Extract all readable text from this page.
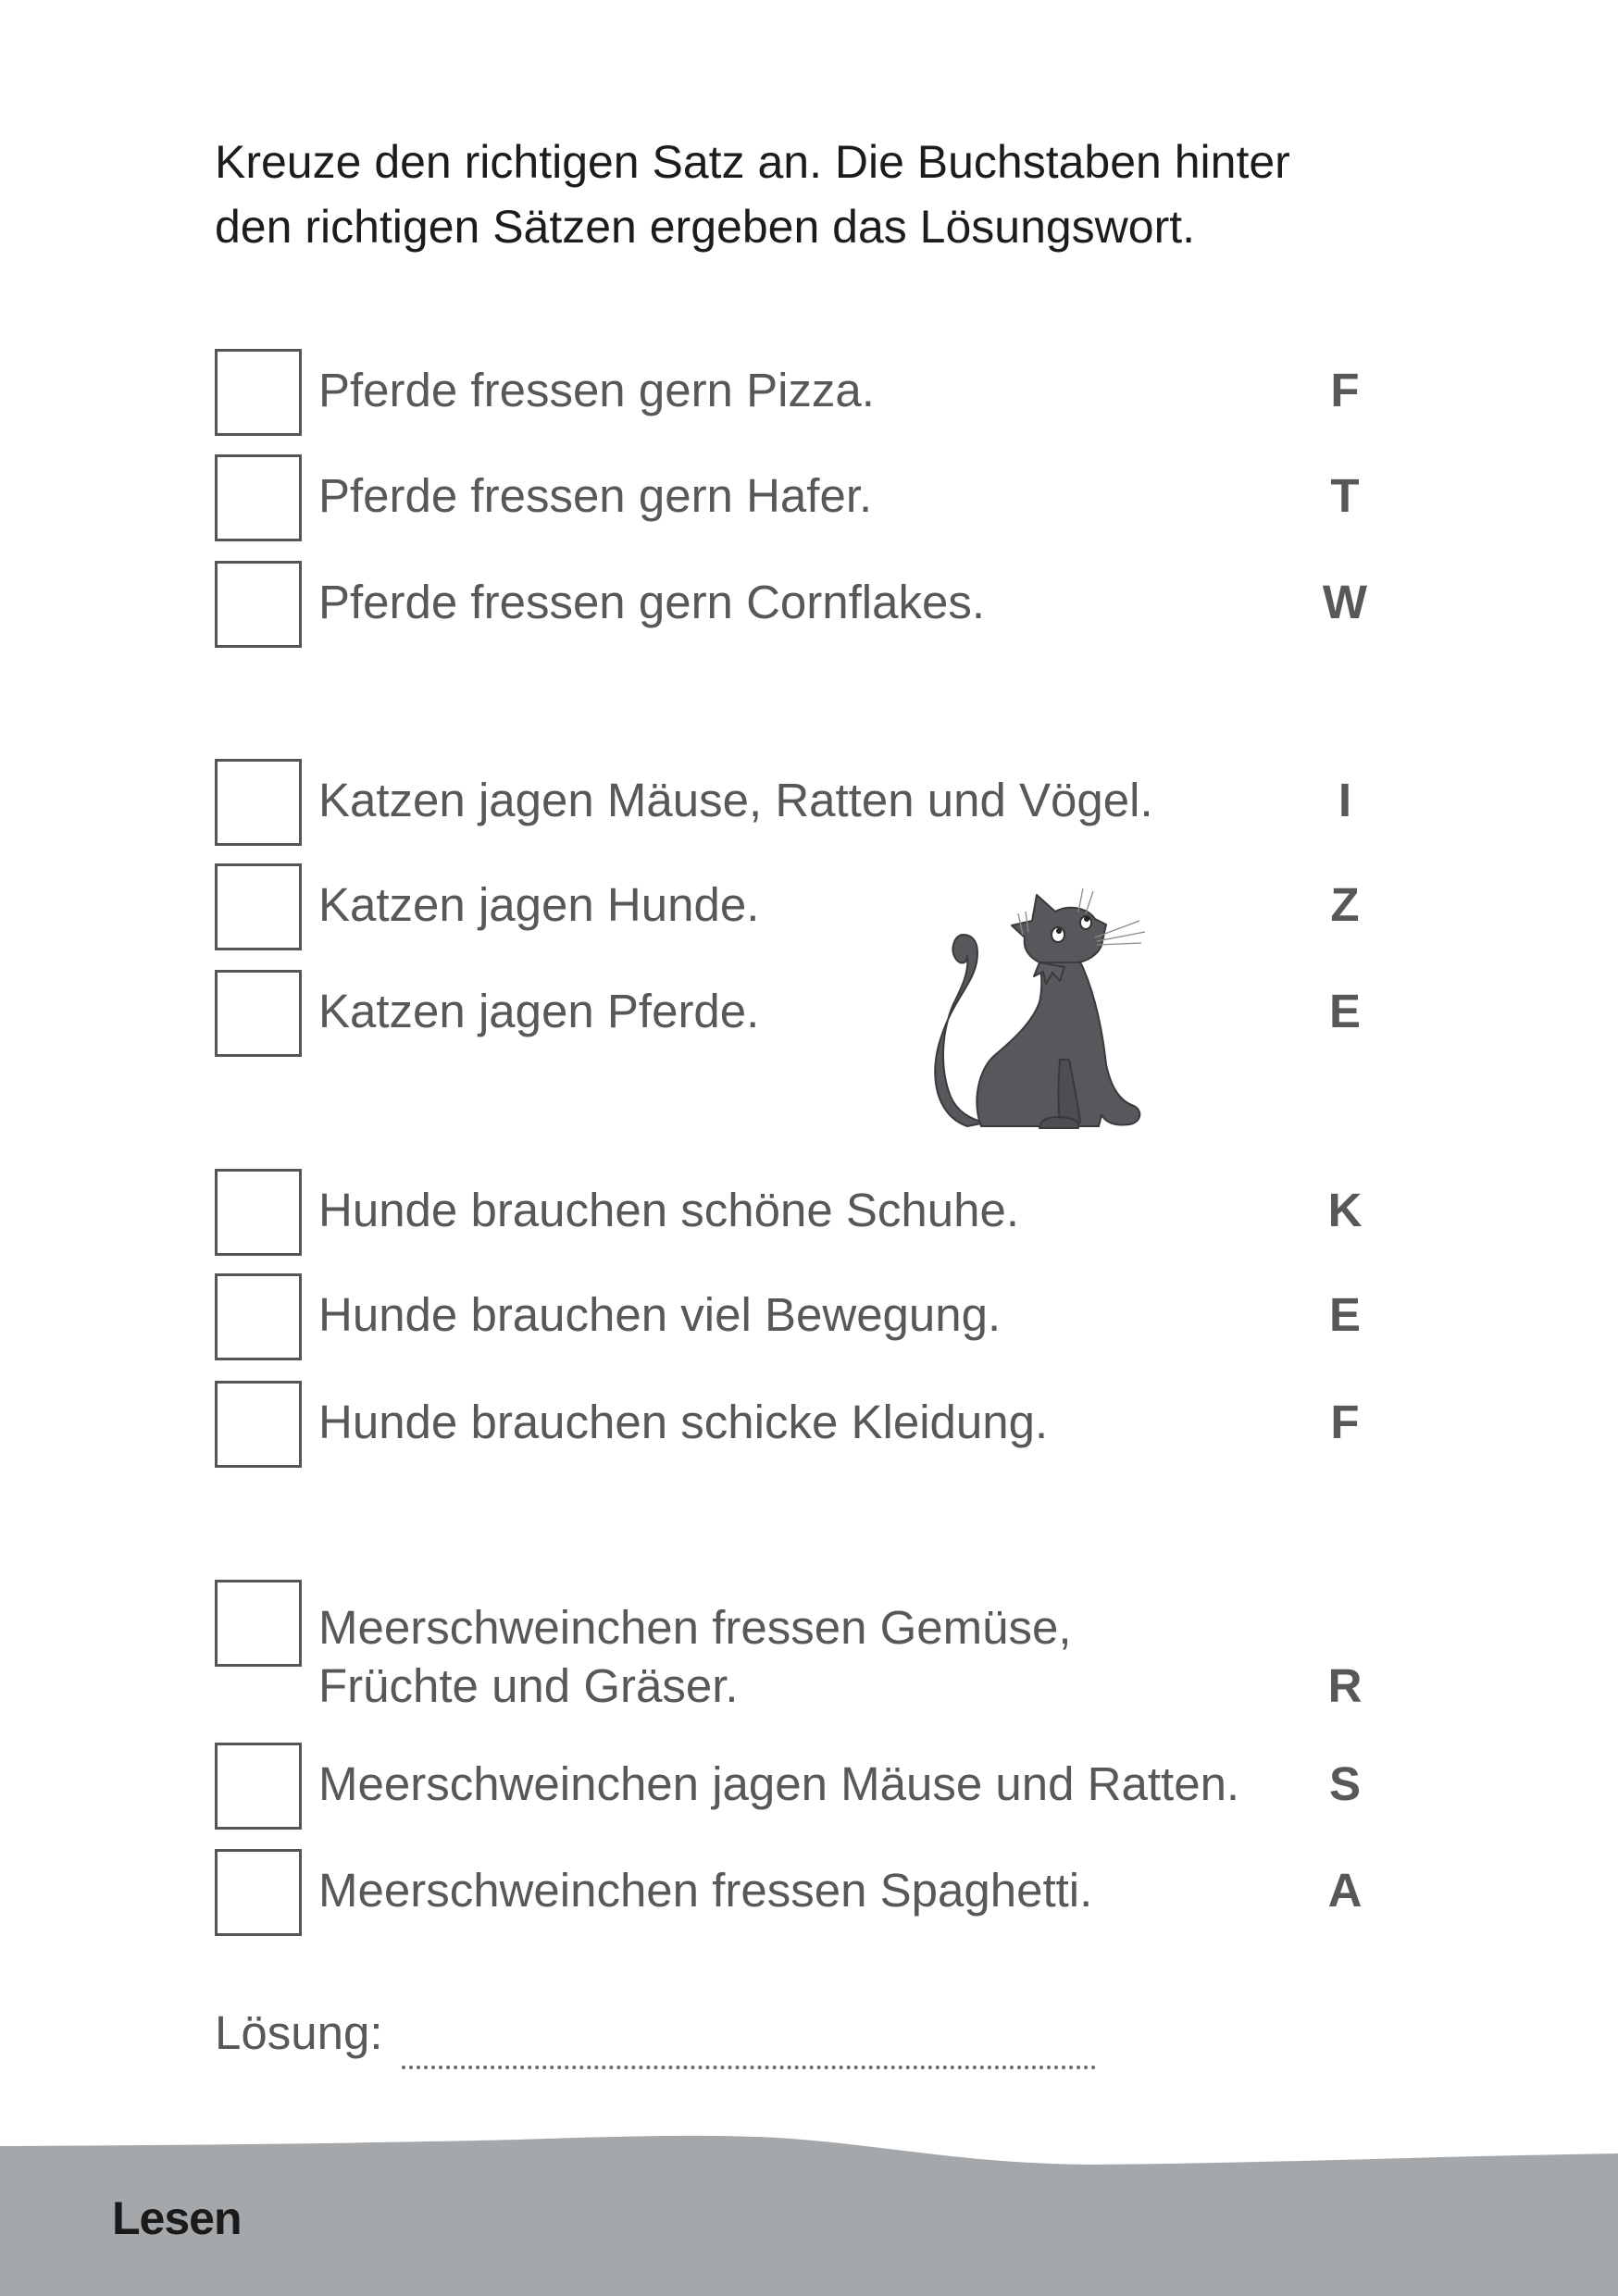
Kreuze den richtigen Satz an. Die Buchstaben hinter
den richtigen Sätzen ergeben das Lösungswort.

Pferde fressen gern Pizza.	F
Pferde fressen gern Hafer.	T
Pferde fressen gern Cornflakes.	W
Katzen jagen Mäuse, Ratten und Vögel.	I
Katzen jagen Hunde.	Z
Katzen jagen Pferde.	E
Hunde brauchen schöne Schuhe.	K
Hunde brauchen viel Bewegung.	E
Hunde brauchen schicke Kleidung.	F
Meerschweinchen fressen Gemüse,
Früchte und Gräser.	R
Meerschweinchen jagen Mäuse und Ratten. S
Meerschweinchen fressen Spaghetti.	A
Lösung:
Lesen
